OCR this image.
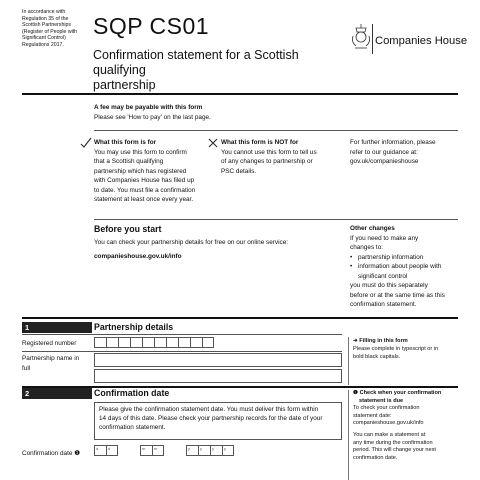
In accordance with
Regulation 35 of the
Scottish Partnerships
(Register of People with
Significant Control)
Regulations 2017.
SQP CS01
Confirmation statement for a Scottish qualifying
partnership
Companies House
A fee may be payable with this form
Please see 'How to pay' on the last page.
What this form is for
You may use this form to confirm
that a Scottish qualifying
partnership which has registered
with Companies House has filed up
to date. You must file a confirmation
statement at least once every year.
What this form is NOT for
You cannot use this form to tell us
of any changes to partnership or
PSC details.
For further information, please
refer to our guidance at:
gov.uk/companieshouse
Before you start
You can check your partnership details for free on our online service:
companieshouse.gov.uk/info
Other changes
If you need to make any
changes to:
• partnership information
• information about people with
significant control
you must do this separately
before or at the same time as this
confirmation statement.
1	Partnership details
Registered number
Partnership name in
full
➜ Filling in this form
Please complete in typescript or in
bold black capitals.
2	Confirmation date
Please give the confirmation statement date. You must deliver this form within
14 days of this date. Please check your partnership records for the date of your
confirmation statement.
Confirmation date ❶
d	d	m	m	y	y	y	y
❶ Check when your confirmation
statement is due
To check your confirmation
statement date:
companieshouse.gov.uk/info
You can make a statement at
any time during the confirmation
period. This will change your next
confirmation date.
